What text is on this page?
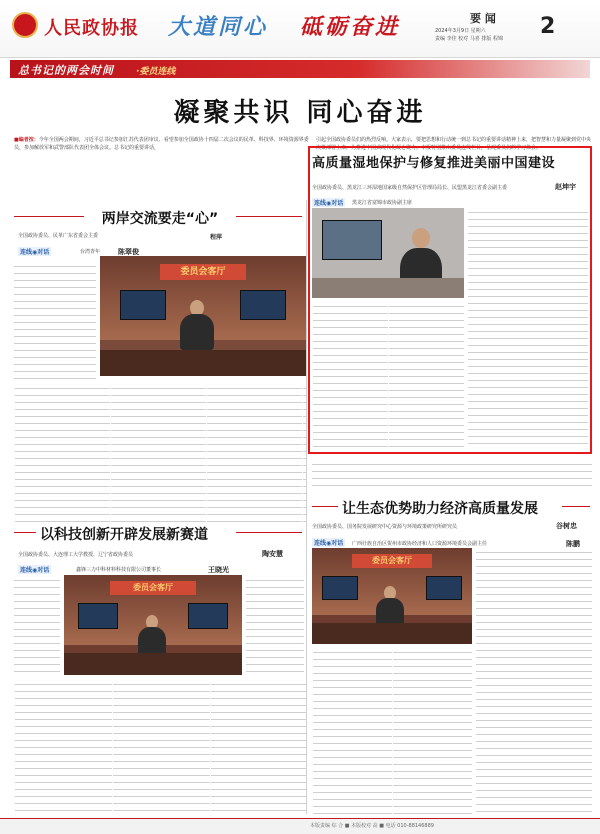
人民政协报 大道同心 砥砺奋进	要 闻
2024年3月9日 星期六
责编 李佳 校对 马喜 排版 程锦 2
总书记的两会时间 ·委员连线
凝聚共识 同心奋进
■编者按：今年全国两会期间，习近平总书记参加江苏代表团审议、看望参加全国政协十四届二次会议的民革、科技界、环境资源界委员，参加解放军和武警部队代表团全体会议。总书记的重要讲话，
引起全国政协委员们的热烈反响。大家表示，要把思想和行动统一到总书记的重要讲话精神上来，把智慧和力量凝聚到党中央决策部署上来，为推进中国式现代化凝心聚力。本报特别推出委员连线栏目，呈现委员们的学习体会。
两岸交流要走“心”
全国政协委员、民革广东省委会主委	程萍
连线◉对话	台湾青年	陈翠俊
委员会客厅
高质量湿地保护与修复推进美丽中国建设
全国政协委员、黑龙江三环湿地国家级自然保护区管理局局长、民盟黑龙江省委会副主委	赵坤宇
连线◉对话	黑龙江省富锦市政协副主席
让生态优势助力经济高质量发展
全国政协委员、国务院发展研究中心资源与环境政策研究所研究员	谷树忠
连线◉对话	广西壮族自治区贺州市政协经济和人口资源环境委员会副主任	陈鹏
委员会客厅
以科技创新开辟发展新赛道
全国政协委员、大连理工大学教授、辽宁省政协委员	陶安慧
连线◉对话	鑫锋三力中科材料科技有限公司董事长	王晓光
委员会客厅
本版责编 综 合 ■ 本版校对 高 ■ 电话 010-88146889
